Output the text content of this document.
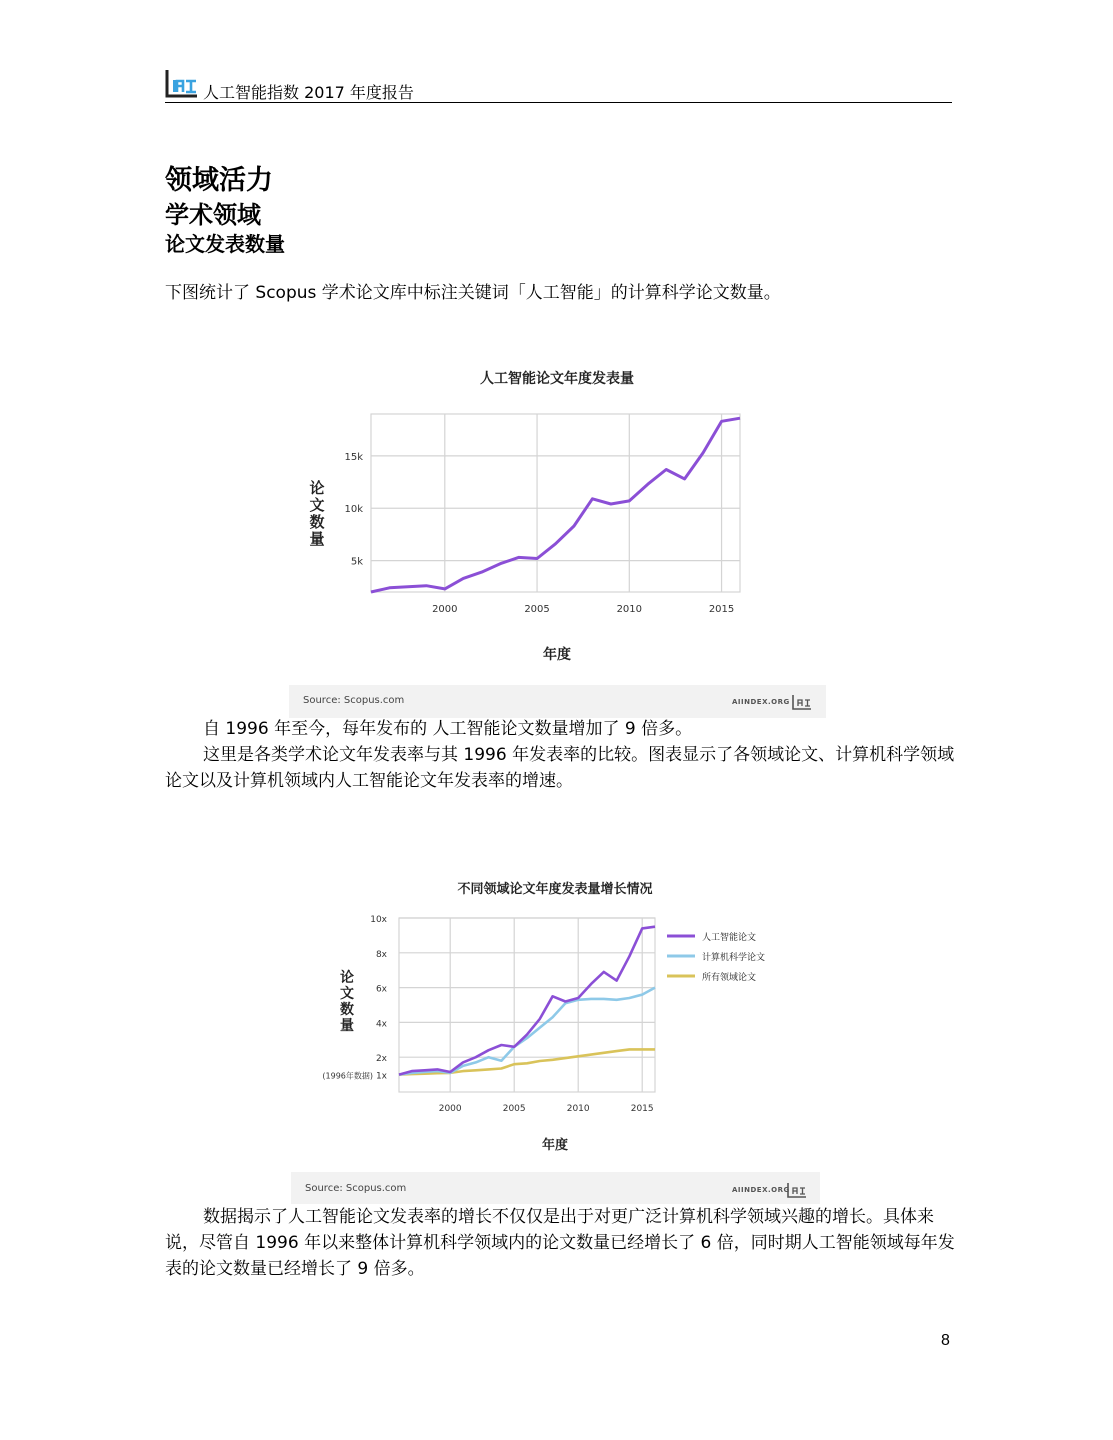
人工智能指数 2017 年度报告
领域活力
学术领域
论文发表数量
下图统计了 Scopus 学术论文库中标注关键词「人工智能」的计算科学论文数量。
5k
10k
15k
2000	2005	2010	2015
人工智能论文年度发表量
年度
论
文
数
量
Source: Scopus.com	AIINDEX.ORG
自 1996 年至今，每年发布的 人工智能论文数量增加了 9 倍多。
这里是各类学术论文年发表率与其 1996 年发表率的比较。图表显示了各领域论文、计算机科学领域论文以及计算机领域内人工智能论文年发表率的增速。
1x
2x
4x
6x
8x
10x
(1996年数据)
2000	2005	2010	2015
不同领域论文年度发表量增长情况
年度
论
文
数
量
人工智能论文
计算机科学论文
所有领域论文
Source: Scopus.com	AIINDEX.ORG
数据揭示了人工智能论文发表率的增长不仅仅是出于对更广泛计算机科学领域兴趣的增长。具体来说，尽管自 1996 年以来整体计算机科学领域内的论文数量已经增长了 6 倍，同时期人工智能领域每年发表的论文数量已经增长了 9 倍多。
8
